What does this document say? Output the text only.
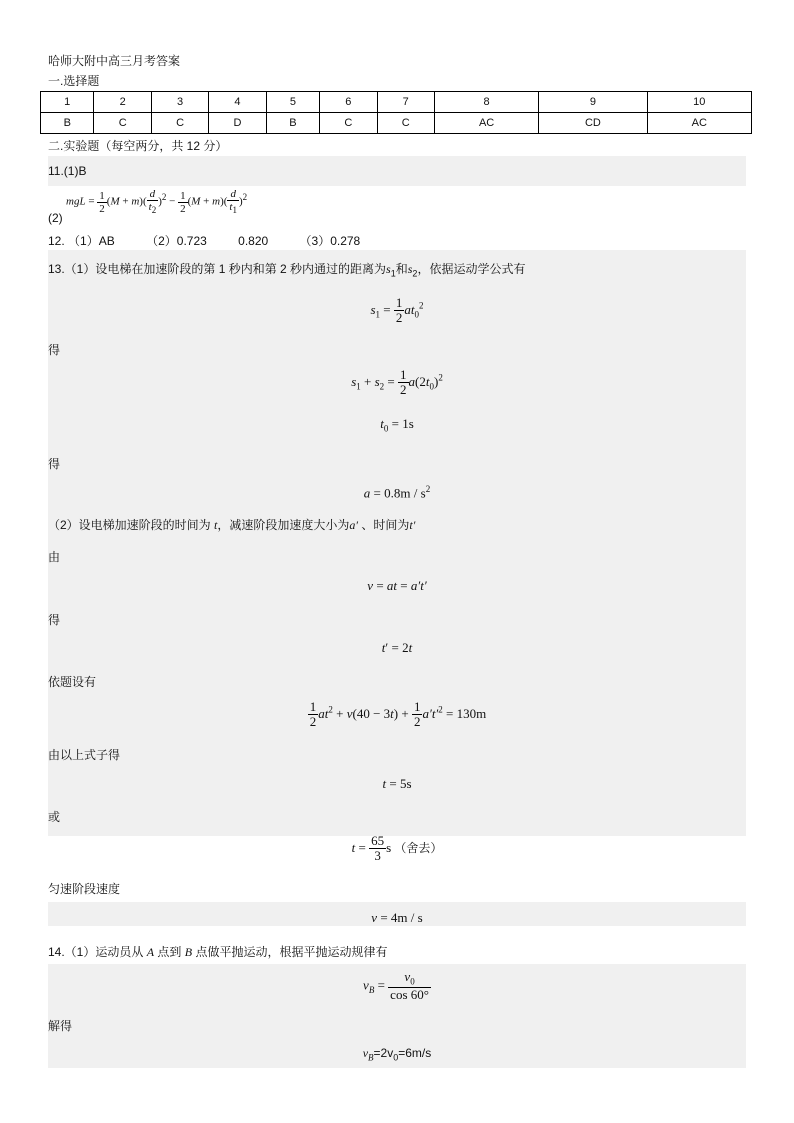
哈师大附中高三月考答案
一.选择题
1	2	3	4	5	6	7	8	9	10
B	C	C	D	B	C	C	AC	CD	AC
二.实验题（每空两分，共 12 分）
11.(1)B
mgL = $\frac{1}{2} (M + m)( \frac{d}{t_2} )^2 - \frac{1}{2} (M + m)( \frac{d}{t_1} )^2$
(2)
12. （1）AB	（2）0.723	0.820	（3）0.278
13.（1）设电梯在加速阶段的第 1 秒内和第 2 秒内通过的距离为$s_1$和$s_2$，依据运动学公式有
$s_1 = \frac{1}{2} at_0^2$
得
$s_1 + s_2 = \frac{1}{2} a(2t_0)^2$
$t_0 = 1s$
得
$a = 0.8m / s^2$
（2）设电梯加速阶段的时间为 t，减速阶段加速度大小为a′ 、时间为t′
由
v = at = a′t′
得
t′ = 2t
依题设有
$\frac{1}{2} at^2 + v(40 - 3t) + \frac{1}{2} a't'^2 = 130m$
由以上式子得
t = 5s
或
$t = \frac{65}{3}$ s （舍去）
匀速阶段速度
v = 4m / s
14.（1）运动员从 A 点到 B 点做平抛运动，根据平抛运动规律有
$v_B = \frac{v_0}{\cos 60^\circ}$
解得
$v_B=2v_0=6m/s$
